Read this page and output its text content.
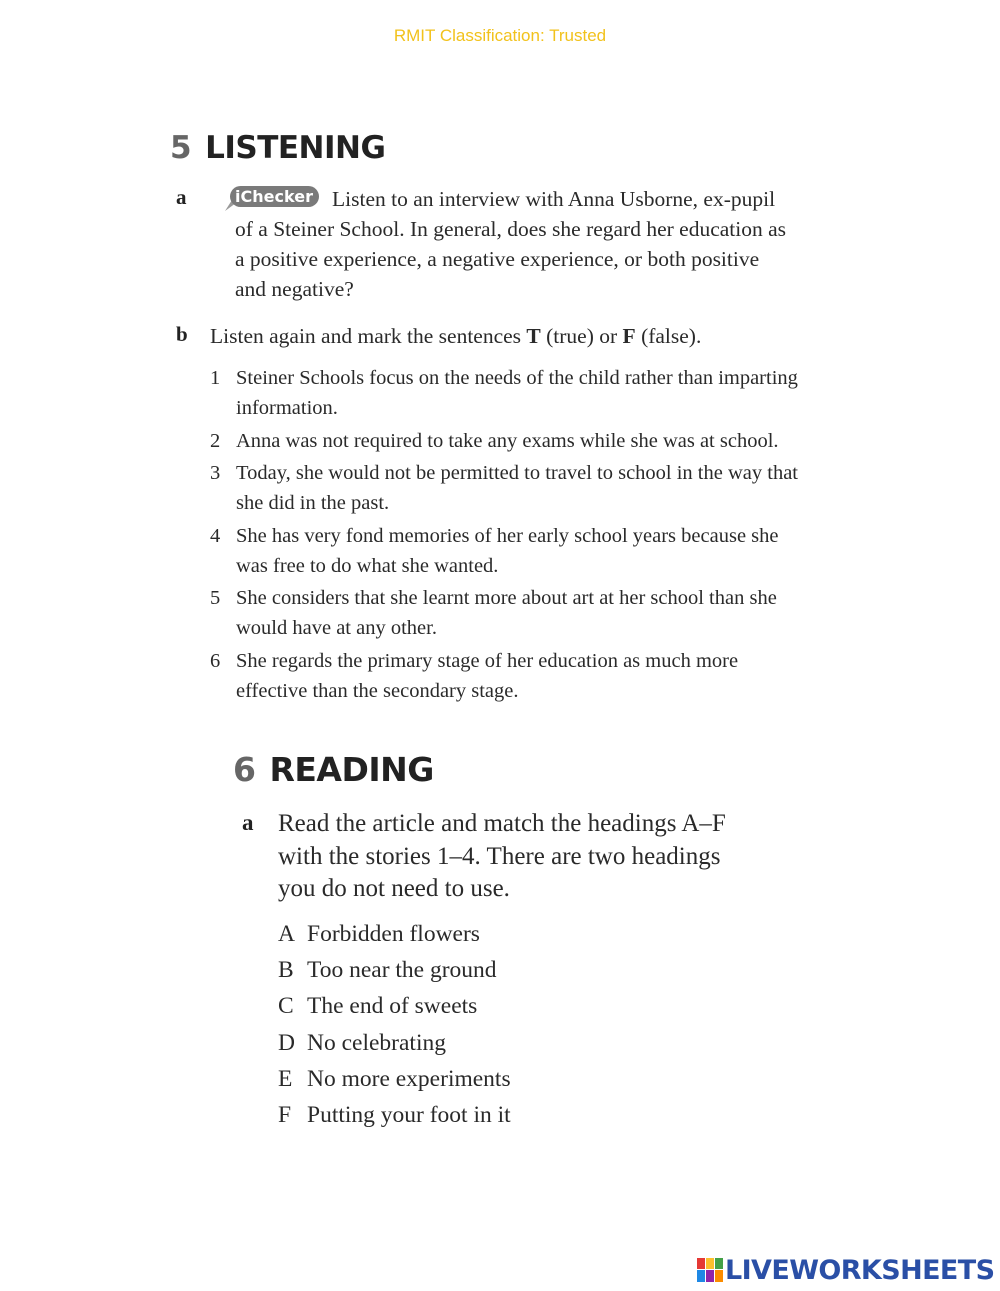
RMIT Classification: Trusted
5 LISTENING
a	iChecker Listen to an interview with Anna Usborne, ex-pupil of a Steiner School. In general, does she regard her education as a positive experience, a negative experience, or both positive and negative?
b Listen again and mark the sentences T (true) or F (false).
1 Steiner Schools focus on the needs of the child rather than imparting information.
2 Anna was not required to take any exams while she was at school.
3 Today, she would not be permitted to travel to school in the way that she did in the past.
4 She has very fond memories of her early school years because she was free to do what she wanted.
5 She considers that she learnt more about art at her school than she would have at any other.
6 She regards the primary stage of her education as much more effective than the secondary stage.
6 READING
a Read the article and match the headings A–F with the stories 1–4. There are two headings you do not need to use.
A Forbidden flowers
B Too near the ground
C The end of sweets
D No celebrating
E No more experiments
F Putting your foot in it
LIVEWORKSHEETS
